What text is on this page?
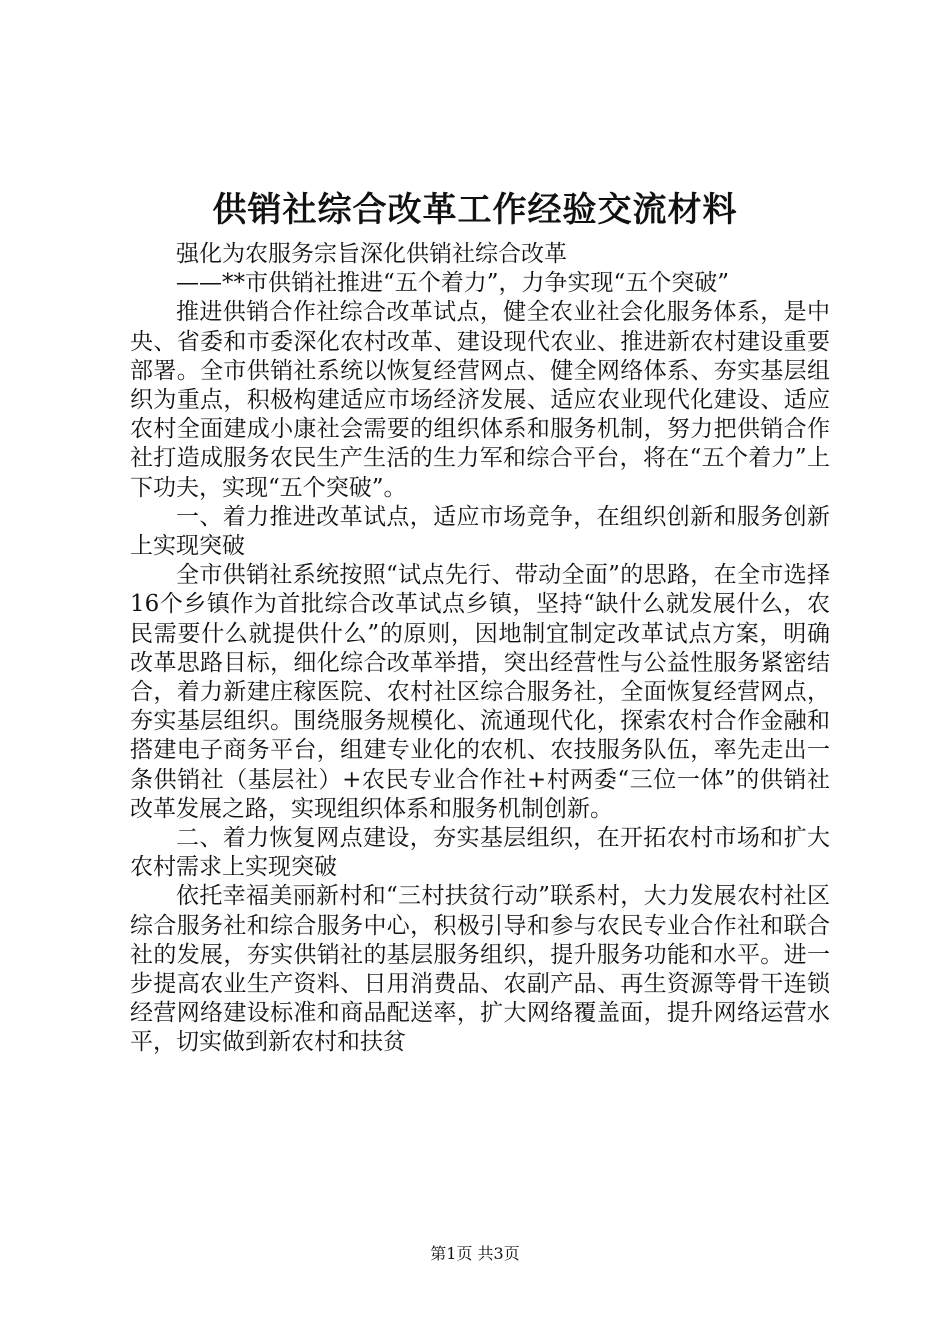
供销社综合改革工作经验交流材料

强化为农服务宗旨深化供销社综合改革

——**市供销社推进“五个着力”，力争实现“五个突破”

推进供销合作社综合改革试点，健全农业社会化服务体系，是中央、省委和市委深化农村改革、建设现代农业、推进新农村建设重要部署。全市供销社系统以恢复经营网点、健全网络体系、夯实基层组织为重点，积极构建适应市场经济发展、适应农业现代化建设、适应农村全面建成小康社会需要的组织体系和服务机制，努力把供销合作社打造成服务农民生产生活的生力军和综合平台，将在“五个着力”上下功夫，实现“五个突破”。

一、着力推进改革试点，适应市场竞争，在组织创新和服务创新上实现突破

全市供销社系统按照“试点先行、带动全面”的思路，在全市选择16个乡镇作为首批综合改革试点乡镇，坚持“缺什么就发展什么，农民需要什么就提供什么”的原则，因地制宜制定改革试点方案，明确改革思路目标，细化综合改革举措，突出经营性与公益性服务紧密结合，着力新建庄稼医院、农村社区综合服务社，全面恢复经营网点，夯实基层组织。围绕服务规模化、流通现代化，探索农村合作金融和搭建电子商务平台，组建专业化的农机、农技服务队伍，率先走出一条供销社（基层社）+农民专业合作社+村两委“三位一体”的供销社改革发展之路，实现组织体系和服务机制创新。

二、着力恢复网点建设，夯实基层组织，在开拓农村市场和扩大农村需求上实现突破

依托幸福美丽新村和“三村扶贫行动”联系村，大力发展农村社区综合服务社和综合服务中心，积极引导和参与农民专业合作社和联合社的发展，夯实供销社的基层服务组织，提升服务功能和水平。进一步提高农业生产资料、日用消费品、农副产品、再生资源等骨干连锁经营网络建设标准和商品配送率，扩大网络覆盖面，提升网络运营水平，切实做到新农村和扶贫

第1页 共3页
